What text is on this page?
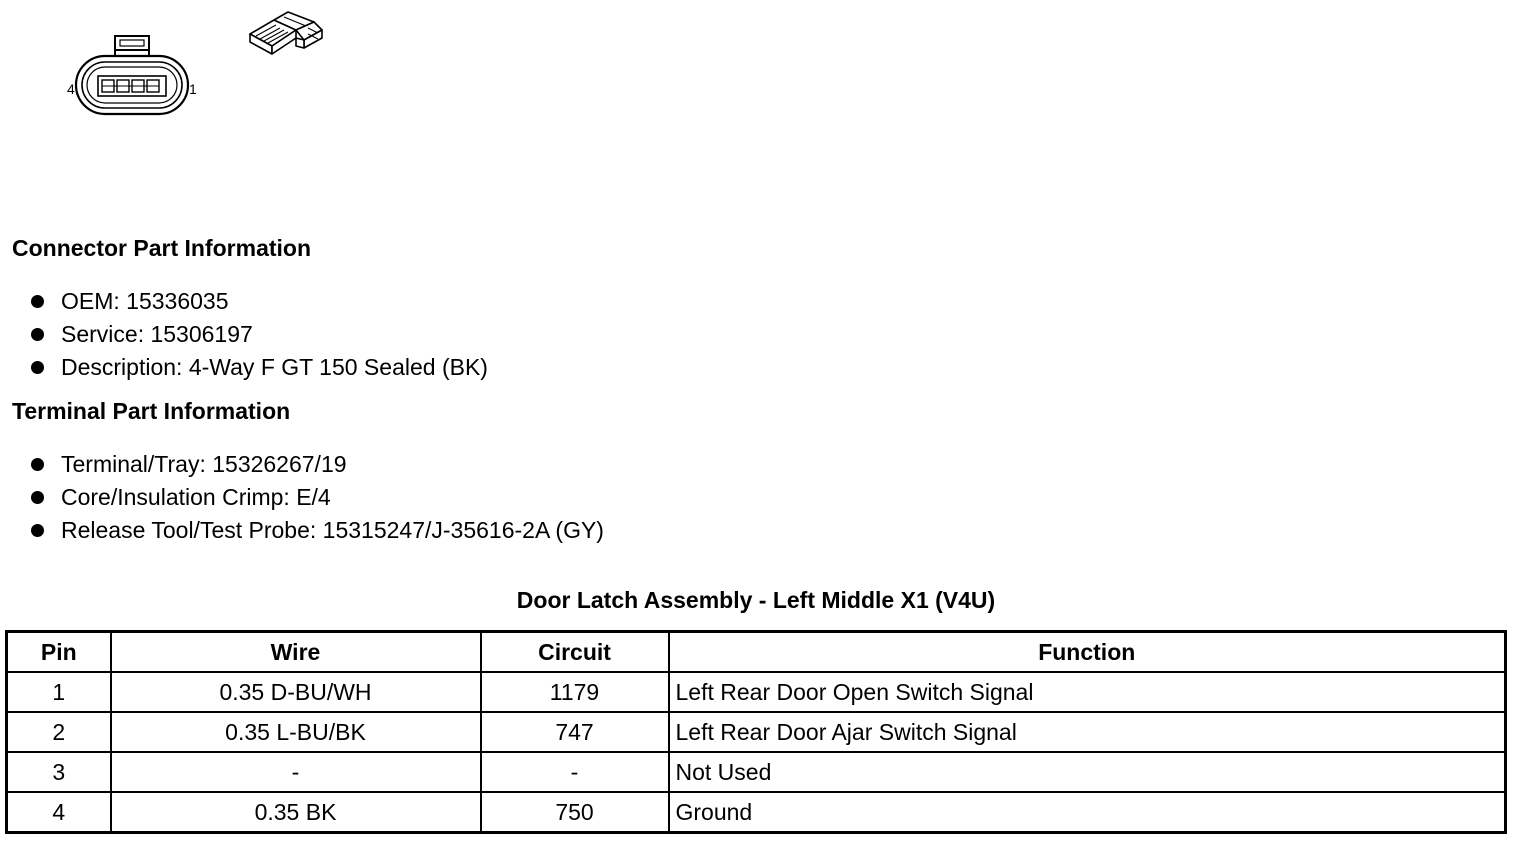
4	1
Connector Part Information
OEM: 15336035
Service: 15306197
Description: 4-Way F GT 150 Sealed (BK)
Terminal Part Information
Terminal/Tray: 15326267/19
Core/Insulation Crimp: E/4
Release Tool/Test Probe: 15315247/J-35616-2A (GY)
Door Latch Assembly - Left Middle X1 (V4U)
Pin	Wire	Circuit	Function
1	0.35 D-BU/WH	1179	Left Rear Door Open Switch Signal
2	0.35 L-BU/BK	747	Left Rear Door Ajar Switch Signal
3	-	-	Not Used
4	0.35 BK	750	Ground
